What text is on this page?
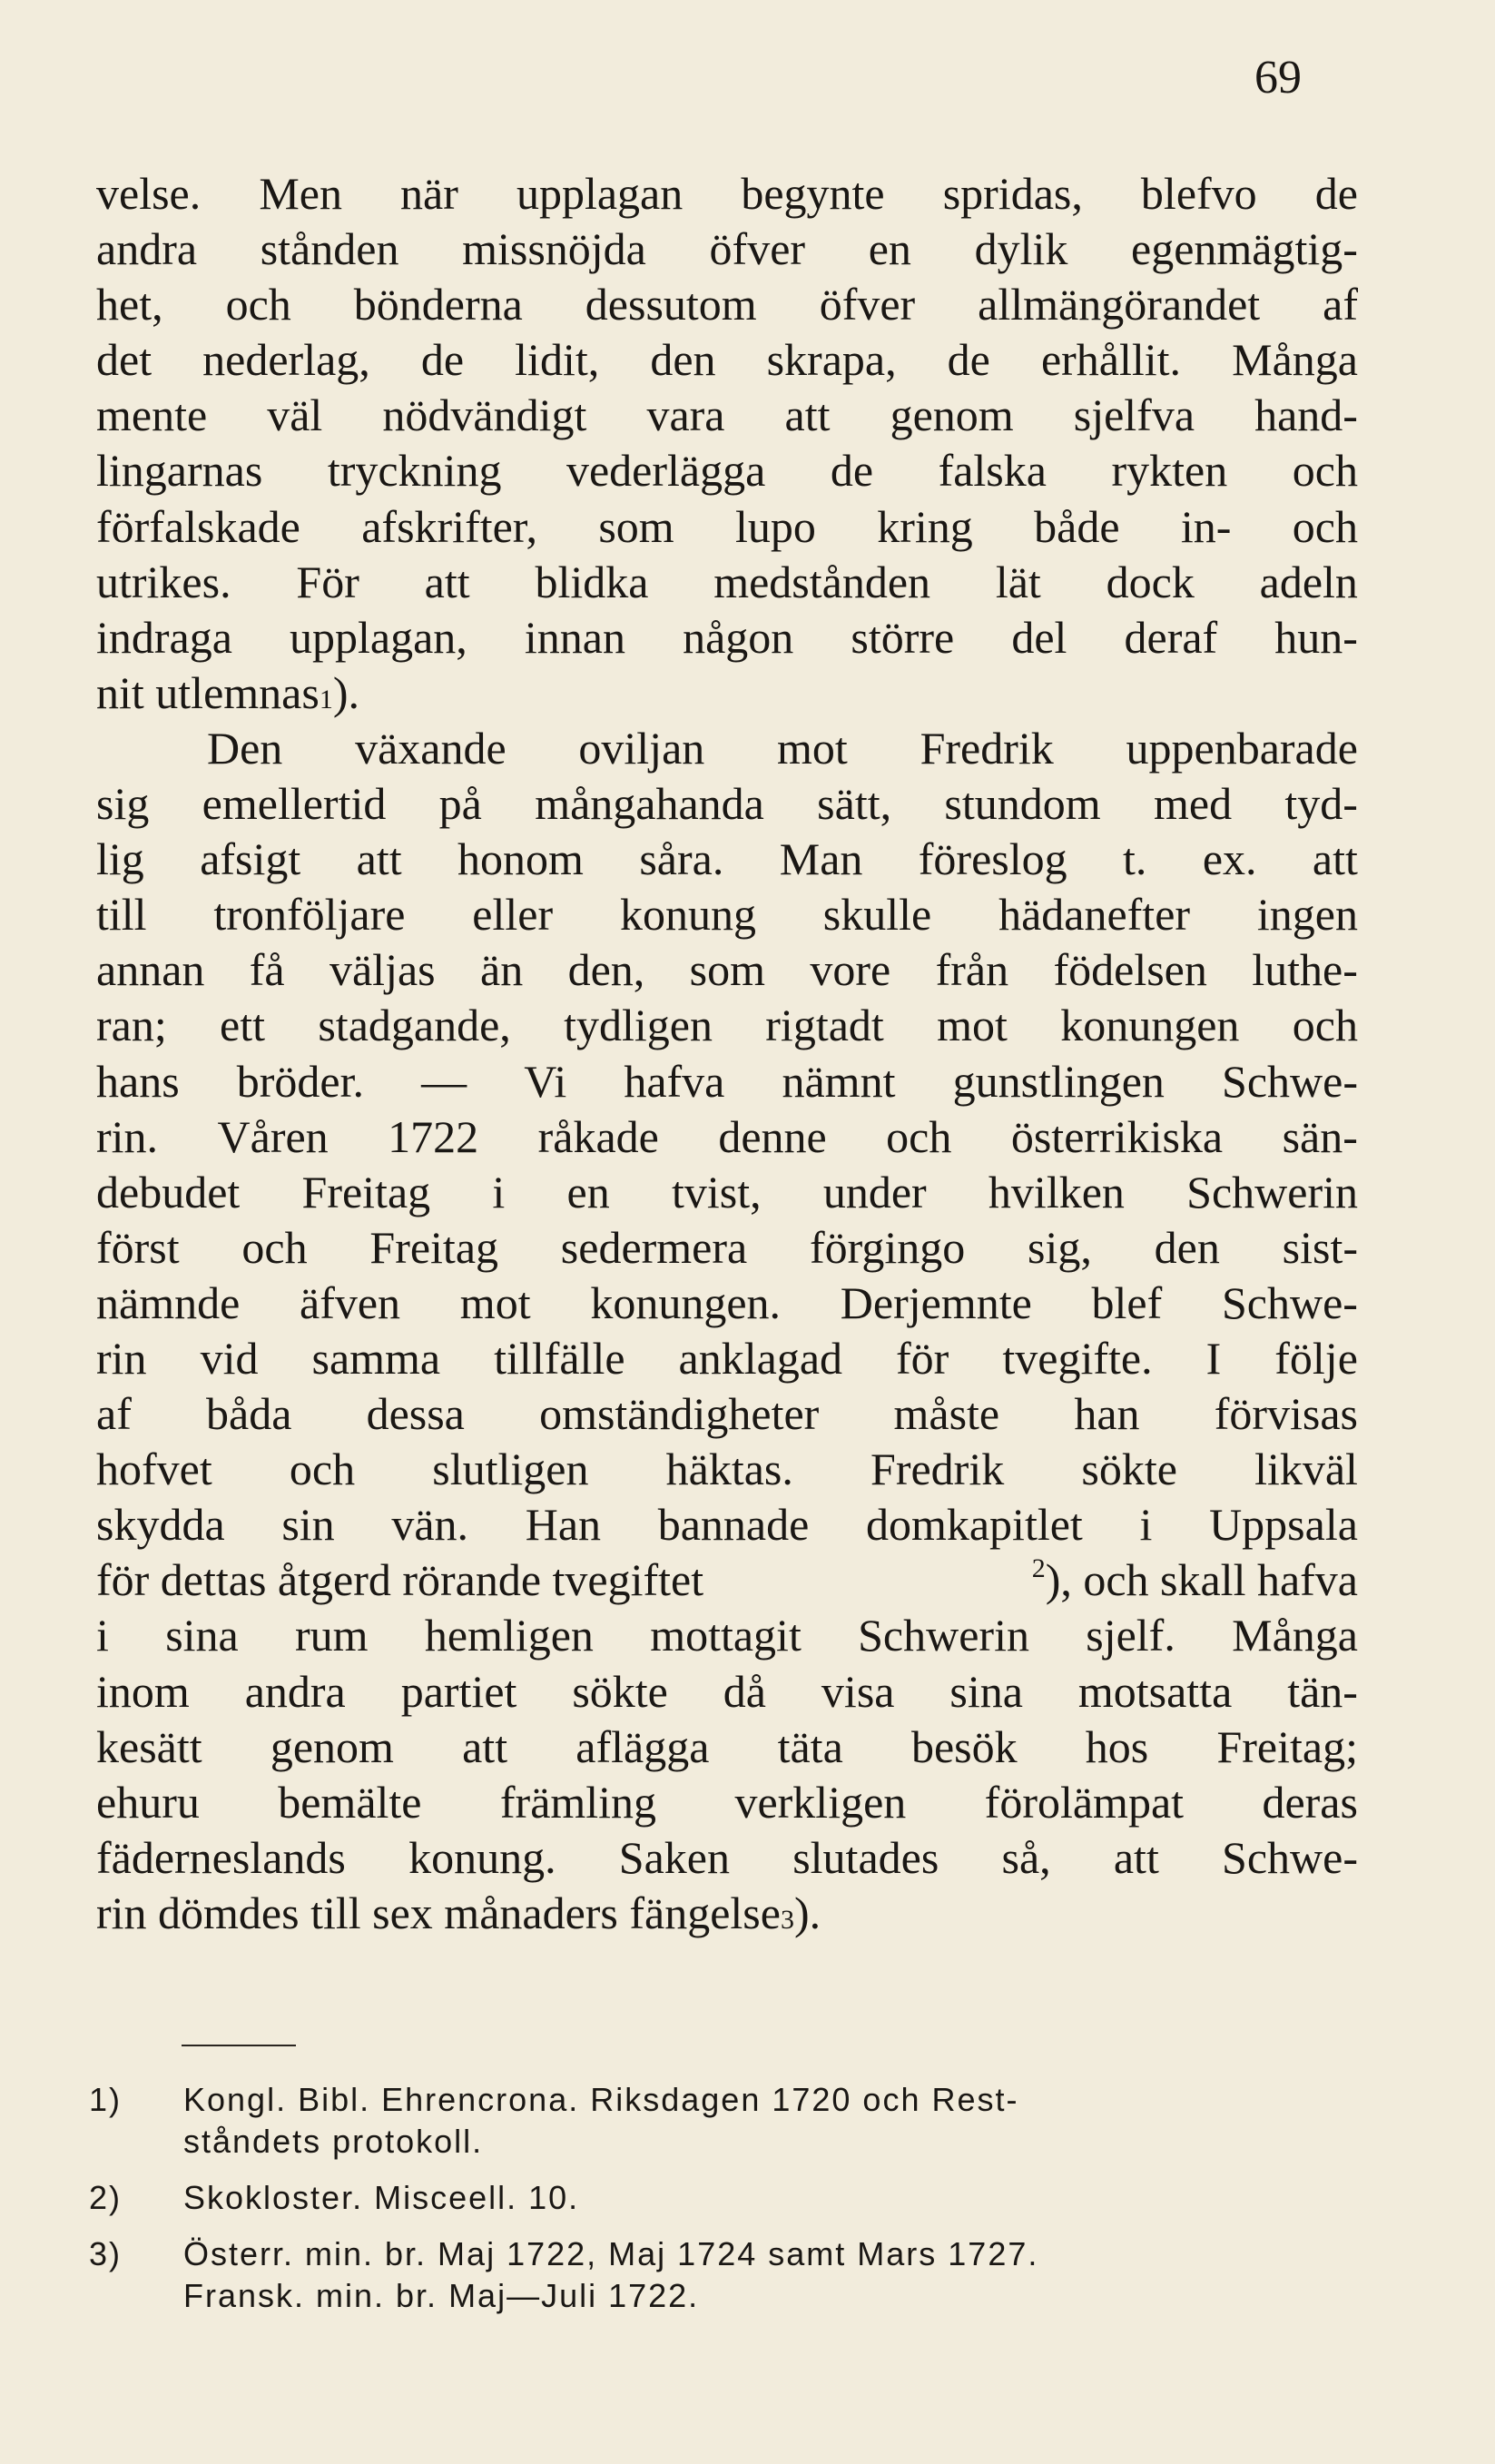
69
velse. Men när upplagan begynte spridas, blefvo de
andra stånden missnöjda öfver en dylik egenmägtig-
het, och bönderna dessutom öfver allmängörandet af
det nederlag, de lidit, den skrapa, de erhållit. Många
mente väl nödvändigt vara att genom sjelfva hand-
lingarnas tryckning vederlägga de falska rykten och
förfalskade afskrifter, som lupo kring både in- och
utrikes. För att blidka medstånden lät dock adeln
indraga upplagan, innan någon större del deraf hun-
nit utlemnas 1 ).
Den växande oviljan mot Fredrik uppenbarade
sig emellertid på mångahanda sätt, stundom med tyd-
lig afsigt att honom såra. Man föreslog t. ex. att
till tronföljare eller konung skulle hädanefter ingen
annan få väljas än den, som vore från födelsen luthe-
ran; ett stadgande, tydligen rigtadt mot konungen och
hans bröder. — Vi hafva nämnt gunstlingen Schwe-
rin. Våren 1722 råkade denne och österrikiska sän-
debudet Freitag i en tvist, under hvilken Schwerin
först och Freitag sedermera förgingo sig, den sist-
nämnde äfven mot konungen. Derjemnte blef Schwe-
rin vid samma tillfälle anklagad för tvegifte. I följe
af båda dessa omständigheter måste han förvisas
hofvet och slutligen häktas. Fredrik sökte likväl
skydda sin vän. Han bannade domkapitlet i Uppsala
för dettas åtgerd rörande tvegiftet	$^2$), och skall hafva
i sina rum hemligen mottagit Schwerin sjelf. Många
inom andra partiet sökte då visa sina motsatta tän-
kesätt genom att aflägga täta besök hos Freitag;
ehuru bemälte främling verkligen förolämpat deras
fäderneslands konung. Saken slutades så, att Schwe-
rin dömdes till sex månaders fängelse 3 ).
1) Kongl. Bibl. Ehrencrona. Riksdagen 1720 och Rest-
ståndets protokoll.
2) Skokloster. Misceell. 10.
3) Österr. min. br. Maj 1722, Maj 1724 samt Mars 1727.
Fransk. min. br. Maj—Juli 1722.
